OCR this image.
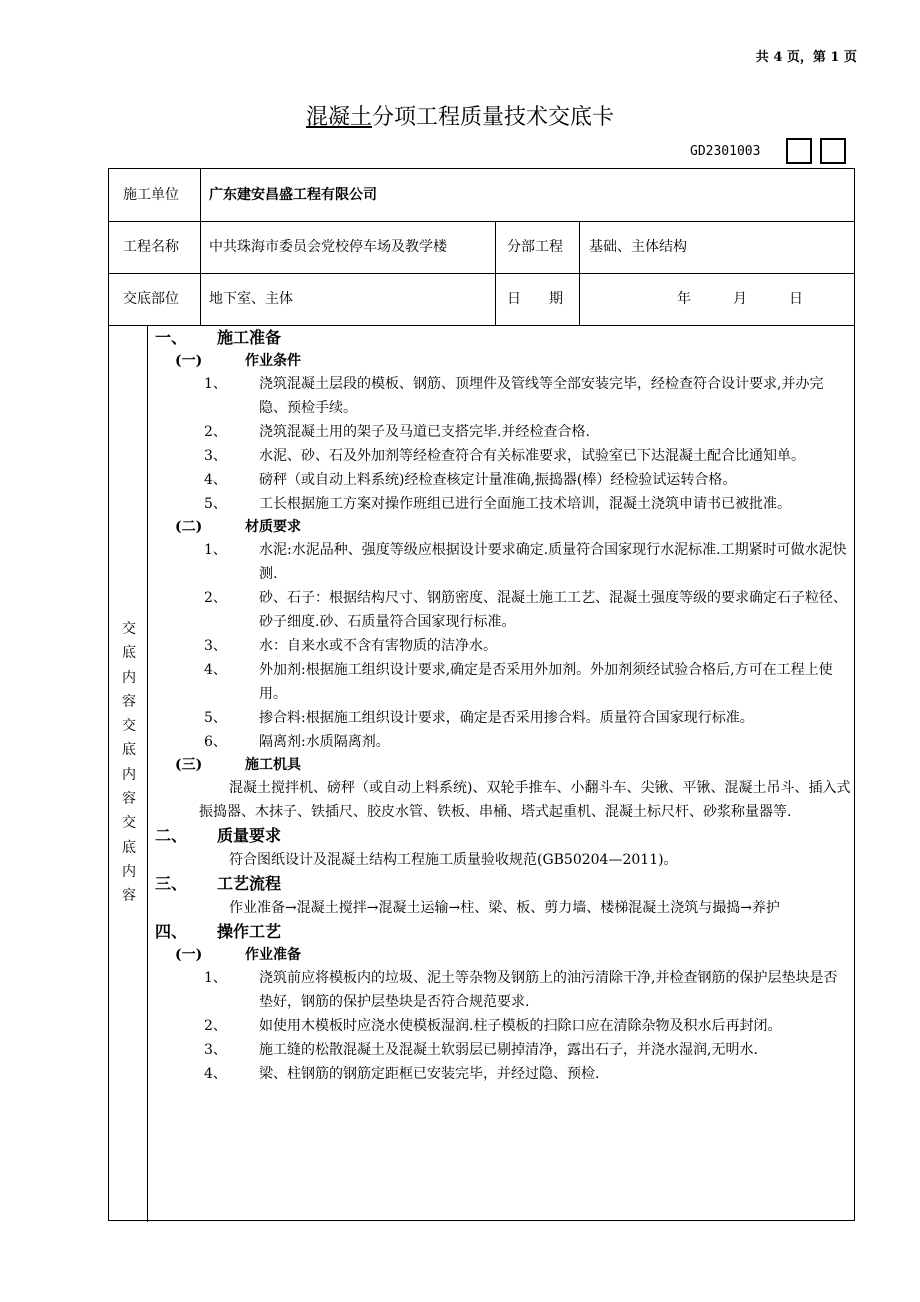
共 4 页，第 1 页
混凝土分项工程质量技术交底卡
GD2301003
施工单位 广东建安昌盛工程有限公司
工程名称 中共珠海市委员会党校停车场及教学楼	分部工程 基础、主体结构
交底部位 地下室、主体	日　　期	年　　　月　　　日
交底内容交底内容交底内容
一、 施工准备
(一)	作业条件
1、 浇筑混凝土层段的模板、钢筋、顶埋件及管线等全部安装完毕，经检查符合设计要求,并办完隐、预检手续。
2、 浇筑混凝土用的架子及马道已支搭完毕.并经检查合格.
3、 水泥、砂、石及外加剂等经检查符合有关标准要求，试验室已下达混凝土配合比通知单。
4、 磅秤（或自动上料系统)经检查核定计量准确,振捣器(棒）经检验试运转合格。
5、 工长根据施工方案对操作班组已进行全面施工技术培训，混凝土浇筑申请书已被批准。
(二)	材质要求
1、 水泥:水泥品种、强度等级应根据设计要求确定.质量符合国家现行水泥标准.工期紧时可做水泥快测.
2、 砂、石子：根据结构尺寸、钢筋密度、混凝土施工工艺、混凝土强度等级的要求确定石子粒径、砂子细度.砂、石质量符合国家现行标准。
3、 水：自来水或不含有害物质的洁净水。
4、 外加剂:根据施工组织设计要求,确定是否采用外加剂。外加剂须经试验合格后,方可在工程上使用。
5、 掺合料:根据施工组织设计要求，确定是否采用掺合料。质量符合国家现行标准。
6、 隔离剂:水质隔离剂。
(三)	施工机具
混凝土搅拌机、磅秤（或自动上料系统)、双轮手推车、小翻斗车、尖锹、平锹、混凝土吊斗、插入式振捣器、木抹子、铁插尺、胶皮水管、铁板、串桶、塔式起重机、混凝土标尺杆、砂浆称量器等.
二、 质量要求
符合图纸设计及混凝土结构工程施工质量验收规范(GB50204—2011)。
三、 工艺流程
作业准备→混凝土搅拌→混凝土运输→柱、梁、板、剪力墙、楼梯混凝土浇筑与撮捣→养护
四、 操作工艺
(一)	作业准备
1、 浇筑前应将模板内的垃圾、泥土等杂物及钢筋上的油污清除干净,并检查钢筋的保护层垫块是否垫好，钢筋的保护层垫块是否符合规范要求.
2、 如使用木模板时应浇水使模板湿润.柱子模板的扫除口应在清除杂物及积水后再封闭。
3、 施工缝的松散混凝土及混凝土软弱层已剔掉清净，露出石子，并浇水湿润,无明水.
4、 梁、柱钢筋的钢筋定距框已安装完毕，并经过隐、预检.
